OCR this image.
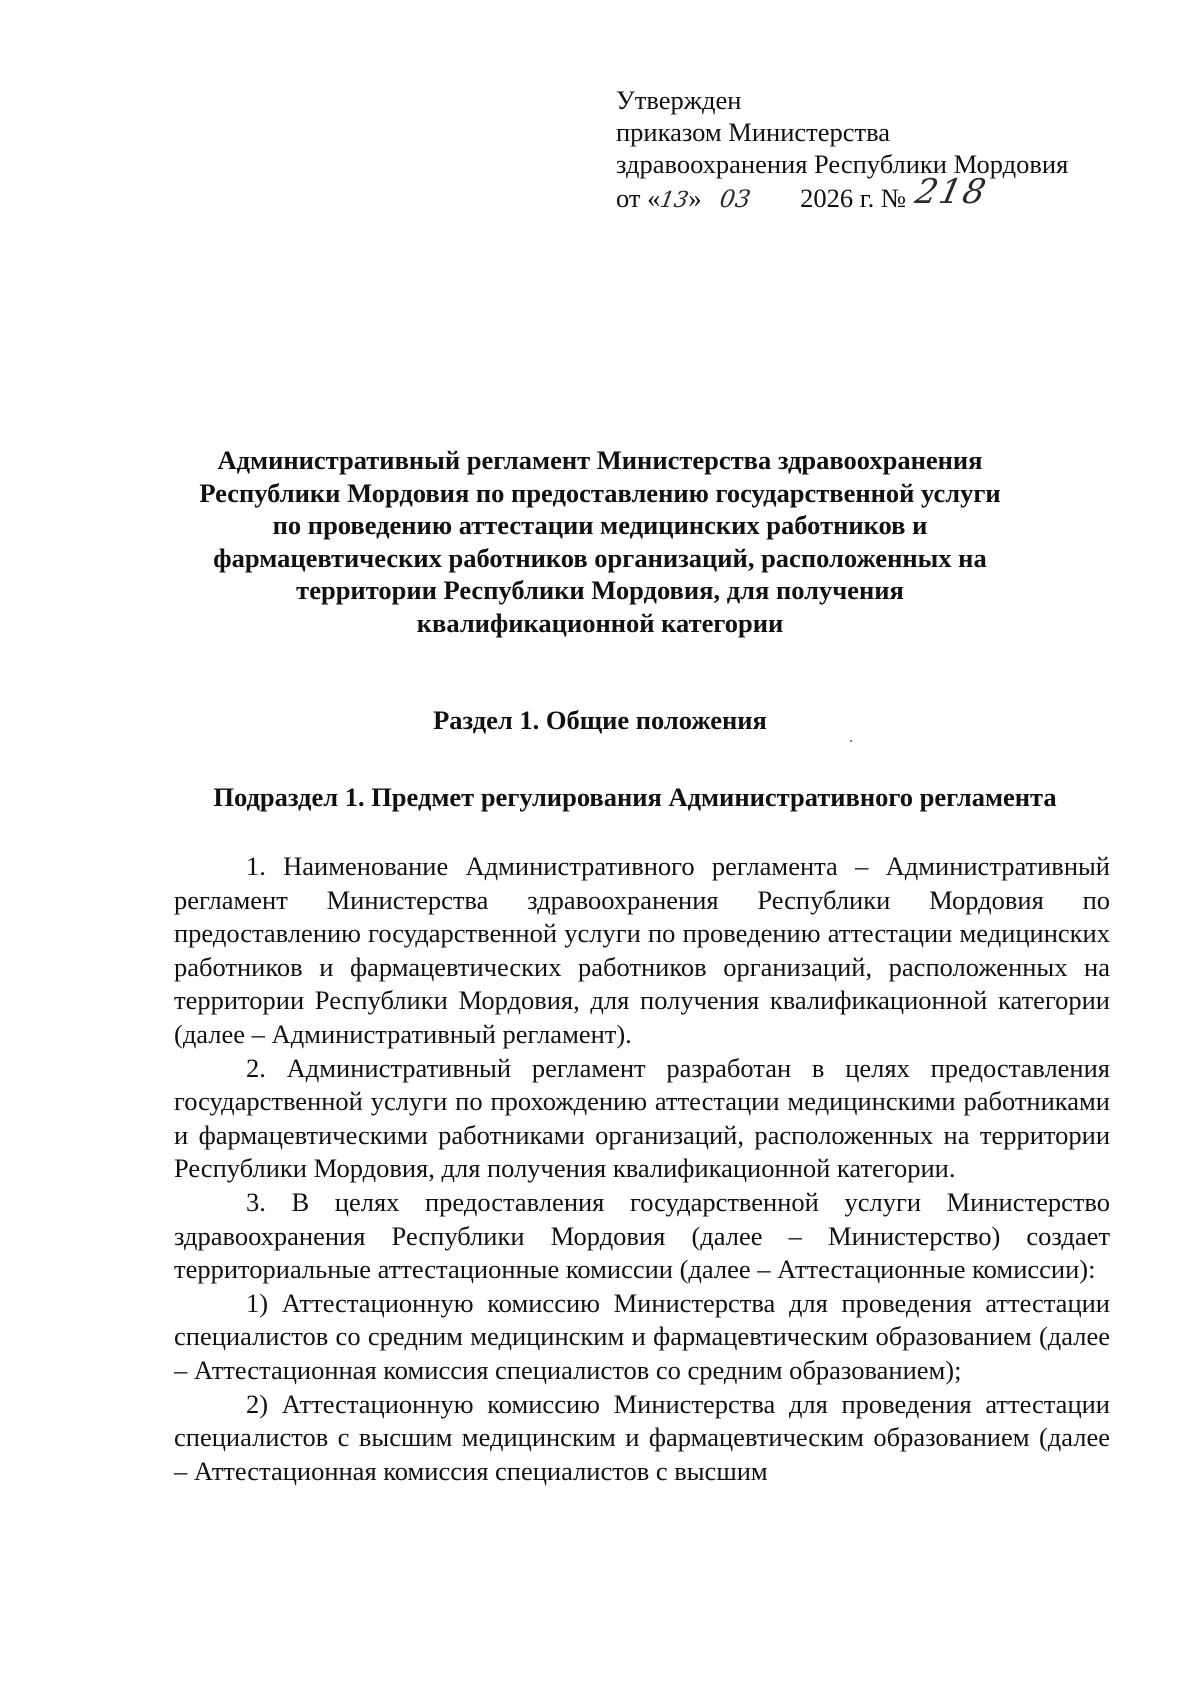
Утвержден
приказом Министерства
здравоохранения Республики Мордовия
от «13» 03 2026 г. № 218
Административный регламент Министерства здравоохранения
Республики Мордовия по предоставлению государственной услуги
по проведению аттестации медицинских работников и
фармацевтических работников организаций, расположенных на
территории Республики Мордовия, для получения
квалификационной категории
Раздел 1. Общие положения
Подраздел 1. Предмет регулирования Административного регламента

1. Наименование Административного регламента – Административный регламент Министерства здравоохранения Республики Мордовия по предоставлению государственной услуги по проведению аттестации медицинских работников и фармацевтических работников организаций, расположенных на территории Республики Мордовия, для получения квалификационной категории (далее – Административный регламент).

2. Административный регламент разработан в целях предоставления государственной услуги по прохождению аттестации медицинскими работниками и фармацевтическими работниками организаций, расположенных на территории Республики Мордовия, для получения квалификационной категории.

3. В целях предоставления государственной услуги Министерство здравоохранения Республики Мордовия (далее – Министерство) создает территориальные аттестационные комиссии (далее – Аттестационные комиссии):

1) Аттестационную комиссию Министерства для проведения аттестации специалистов со средним медицинским и фармацевтическим образованием (далее – Аттестационная комиссия специалистов со средним образованием);

2) Аттестационную комиссию Министерства для проведения аттестации специалистов с высшим медицинским и фармацевтическим образованием (далее – Аттестационная комиссия специалистов с высшим
